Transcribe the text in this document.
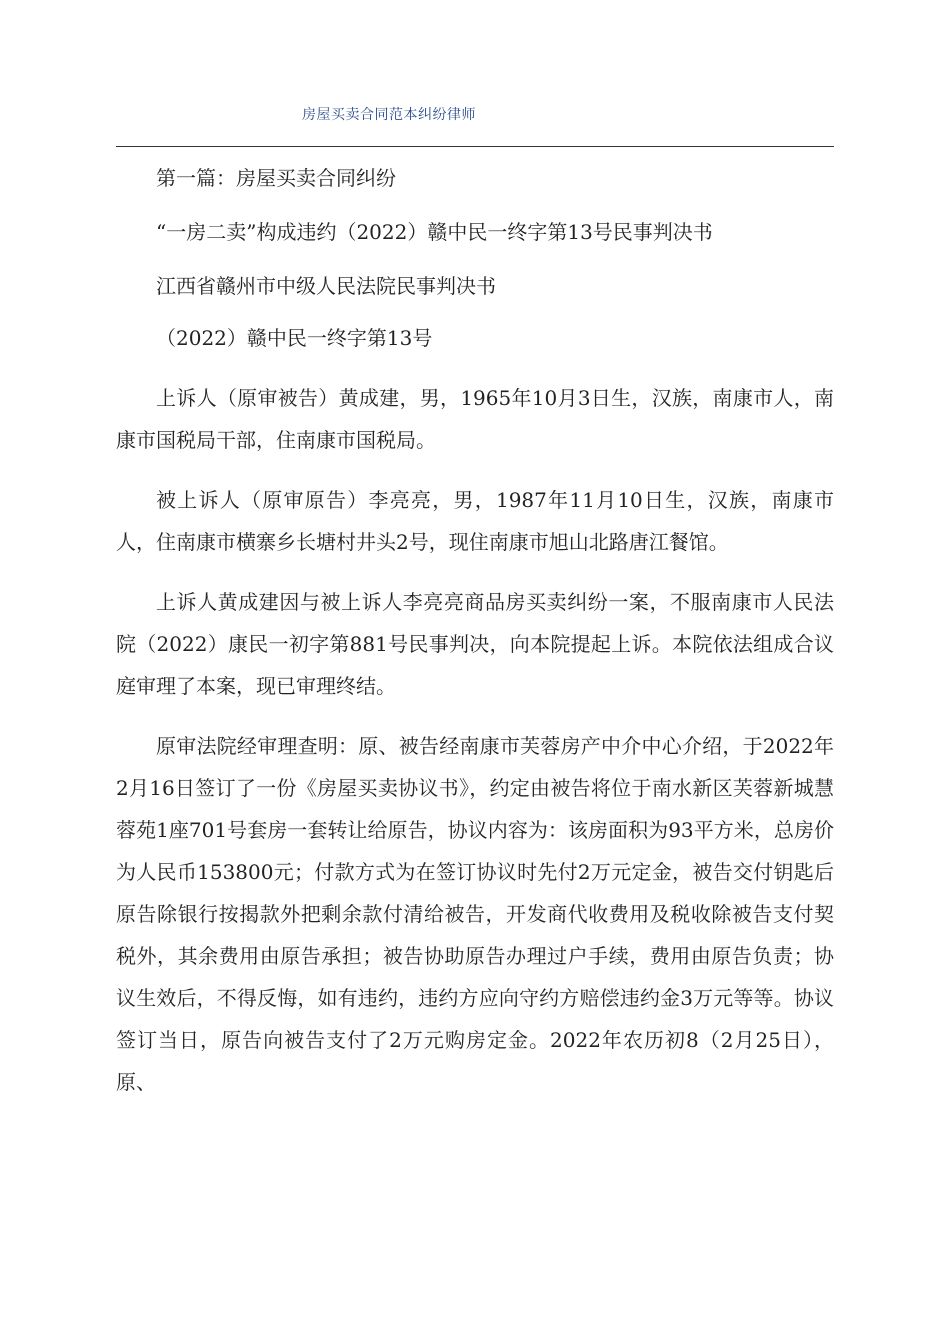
房屋买卖合同范本纠纷律师

第一篇：房屋买卖合同纠纷

“一房二卖”构成违约（2022）赣中民一终字第13号民事判决书

江西省赣州市中级人民法院民事判决书

（2022）赣中民一终字第13号

上诉人（原审被告）黄成建，男，1965年10月3日生，汉族，南康市人，南康市国税局干部，住南康市国税局。

被上诉人（原审原告）李亮亮，男，1987年11月10日生，汉族，南康市人，住南康市横寨乡长塘村井头2号，现住南康市旭山北路唐江餐馆。

上诉人黄成建因与被上诉人李亮亮商品房买卖纠纷一案，不服南康市人民法院（2022）康民一初字第881号民事判决，向本院提起上诉。本院依法组成合议庭审理了本案，现已审理终结。

原审法院经审理查明：原、被告经南康市芙蓉房产中介中心介绍，于2022年2月16日签订了一份《房屋买卖协议书》，约定由被告将位于南水新区芙蓉新城慧蓉苑1座701号套房一套转让给原告，协议内容为：该房面积为93平方米，总房价为人民币153800元；付款方式为在签订协议时先付2万元定金，被告交付钥匙后原告除银行按揭款外把剩余款付清给被告，开发商代收费用及税收除被告支付契税外，其余费用由原告承担；被告协助原告办理过户手续，费用由原告负责；协议生效后，不得反悔，如有违约，违约方应向守约方赔偿违约金3万元等等。协议签订当日，原告向被告支付了2万元购房定金。2022年农历初8（2月25日），原、
